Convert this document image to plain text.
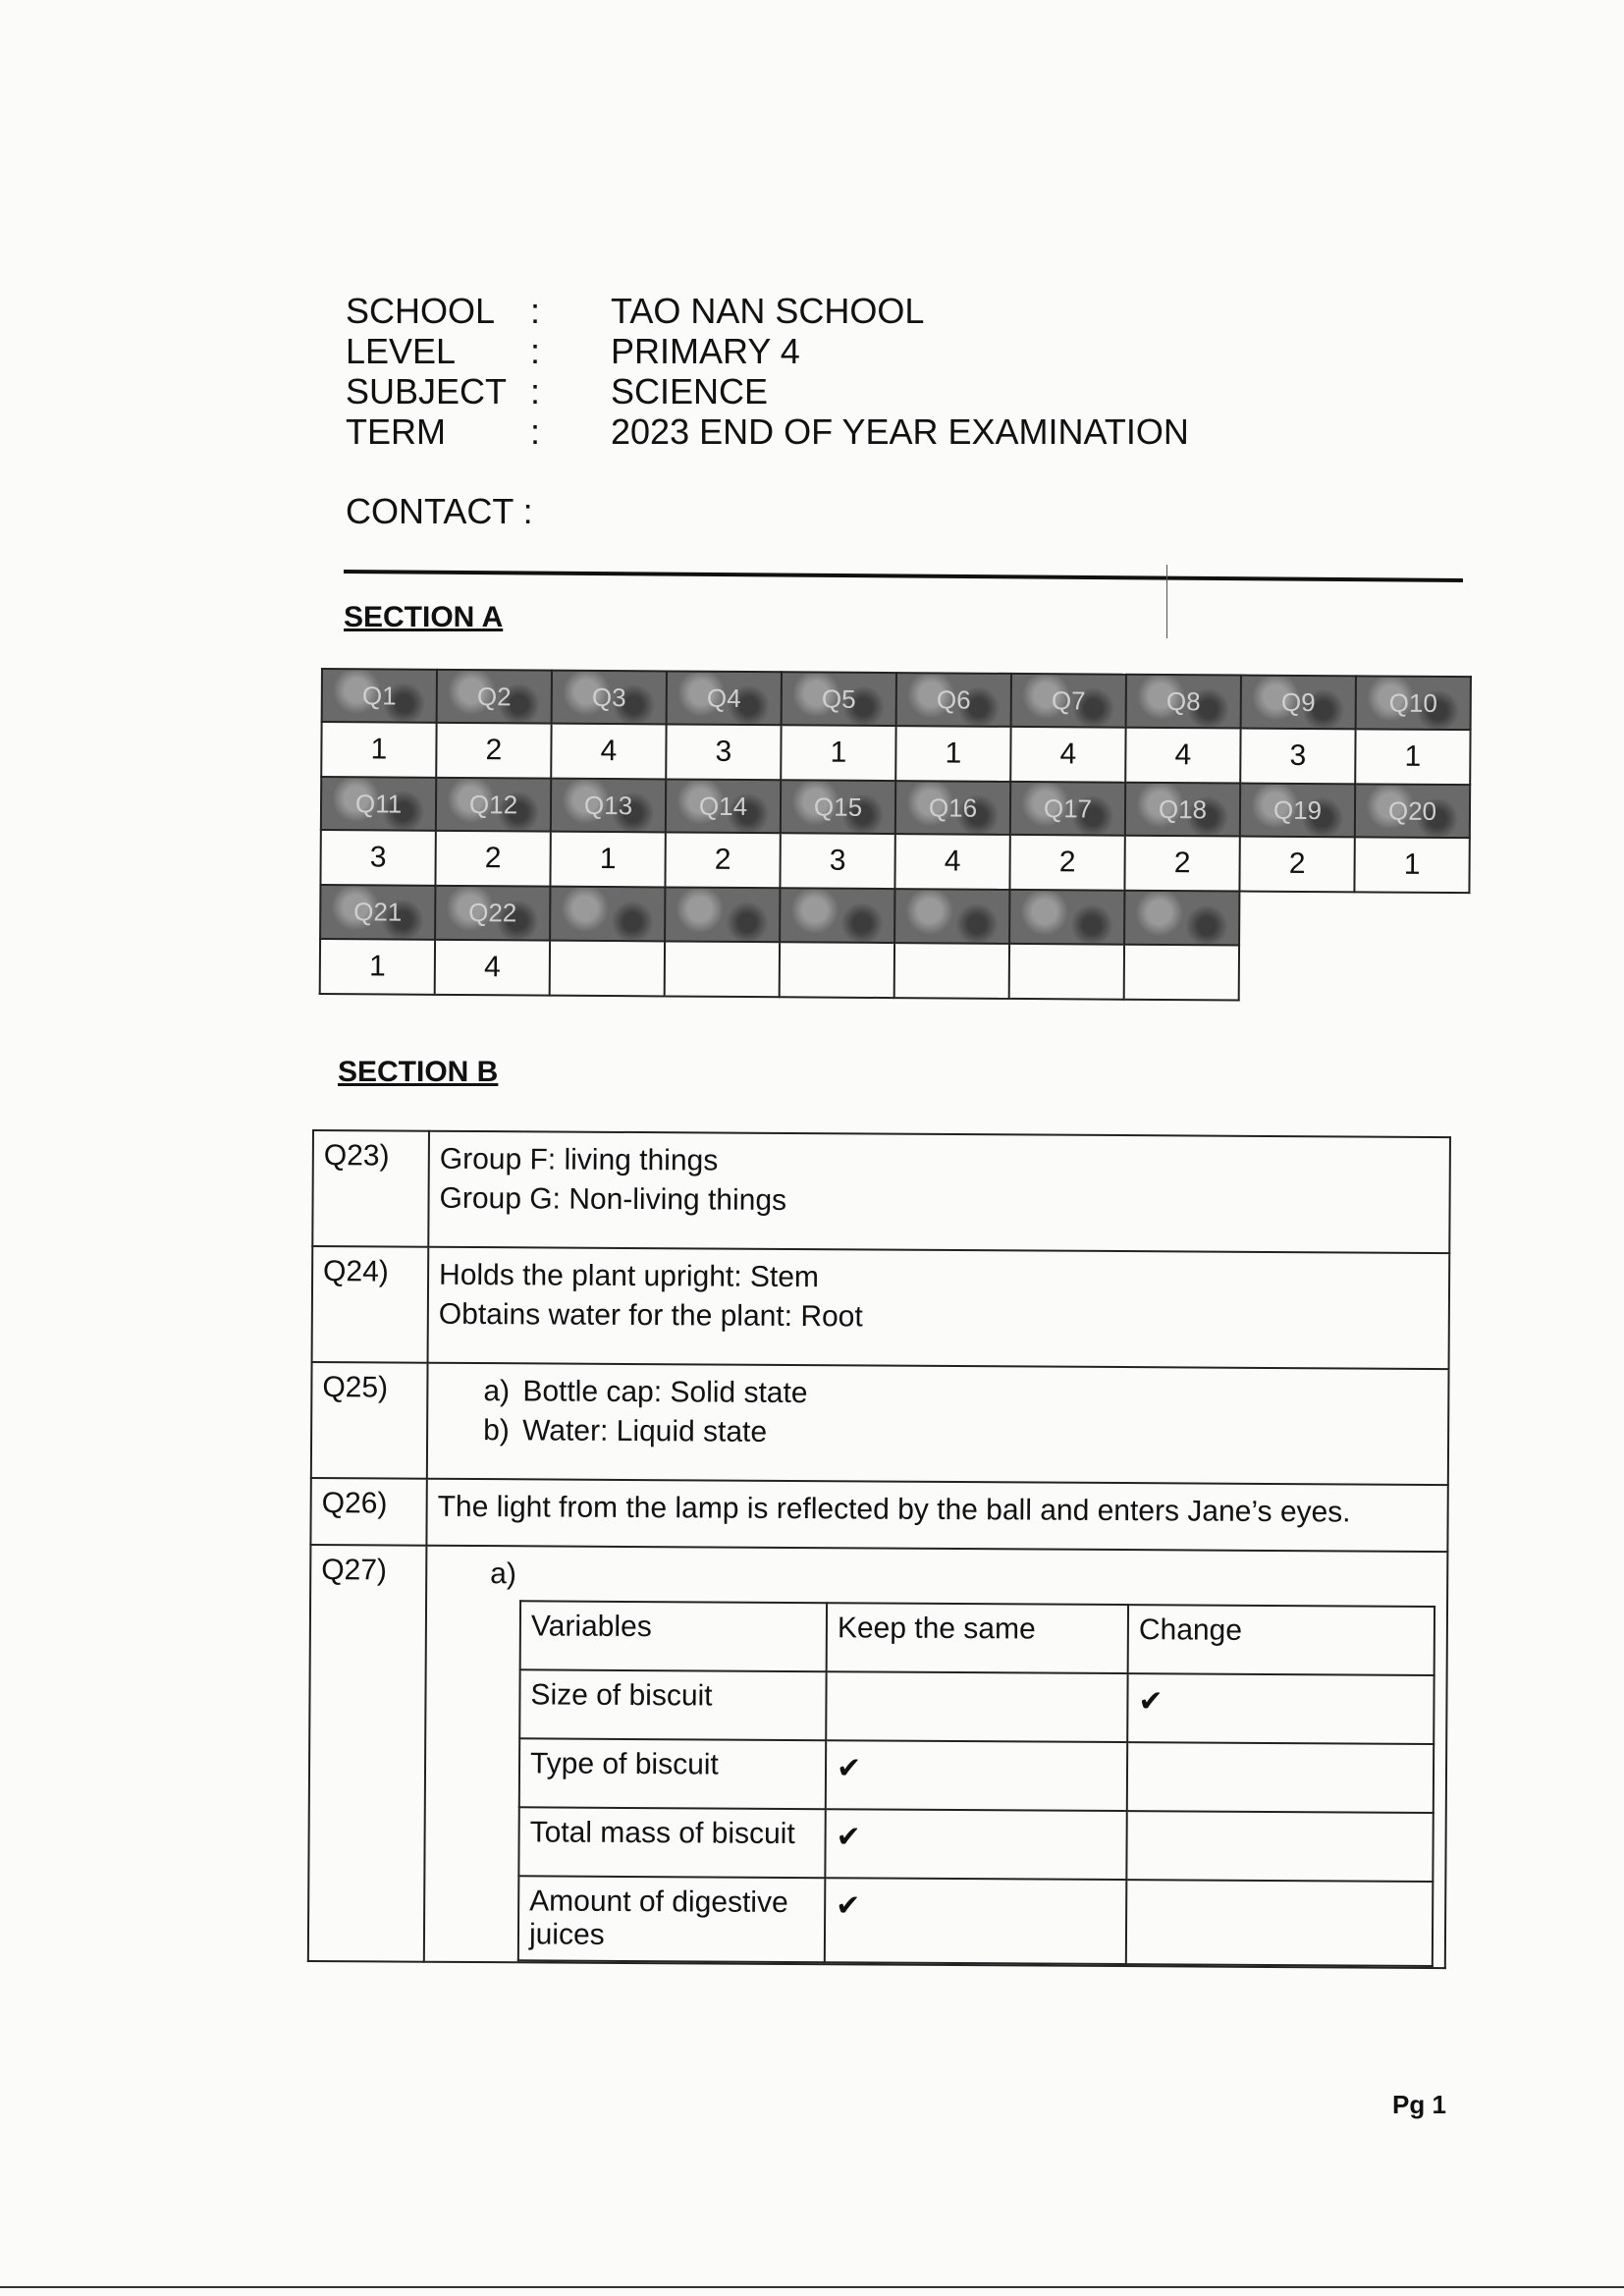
SCHOOL :	TAO NAN SCHOOL
LEVEL	:	PRIMARY 4
SUBJECT :	SCIENCE
TERM	:	2023 END OF YEAR EXAMINATION
CONTACT :
SECTION A
Q1	Q2	Q3	Q4	Q5	Q6	Q7	Q8	Q9	Q10
1	2	4	3	1	1	4	4	3	1
Q11	Q12	Q13	Q14	Q15	Q16	Q17	Q18	Q19	Q20
3	2	1	2	3	4	2	2	2	1
Q21	Q22								
1	4								
SECTION B
Q23)	Group F: living things
Group G: Non-living things

Q24)	Holds the plant upright: Stem
Obtains water for the plant: Root

Q25)	a) Bottle cap: Solid state
b) Water: Liquid state

Q26)	The light from the lamp is reflected by the ball and enters Jane’s eyes.

Q27)	a)
Variables	Keep the same	Change
Size of biscuit		✔
Type of biscuit	✔	
Total mass of biscuit	✔	
Amount of digestive juices	✔	
Pg 1
